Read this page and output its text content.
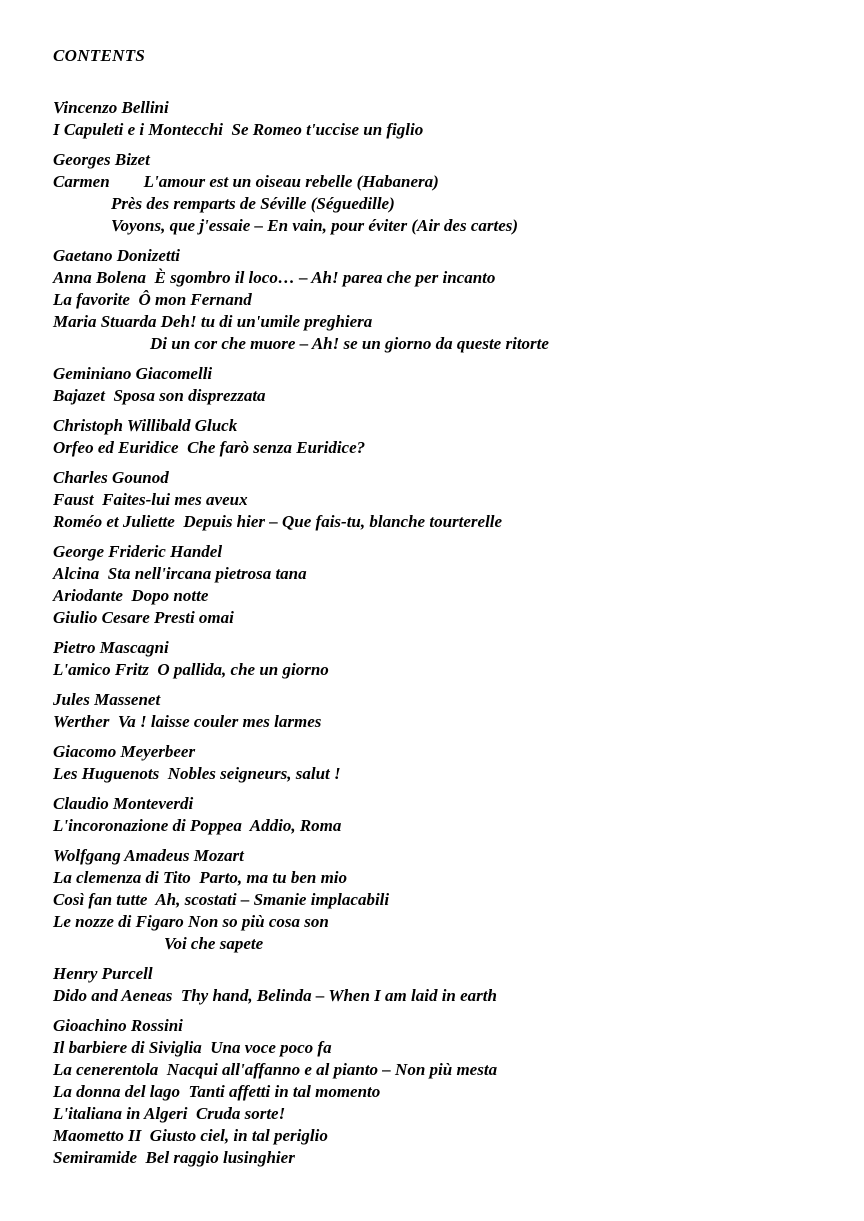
CONTENTS
Vincenzo Bellini
I Capuleti e i Montecchi  Se Romeo t'uccise un figlio
Georges Bizet
Carmen        L'amour est un oiseau rebelle (Habanera)
Près des remparts de Séville (Séguedille)
Voyons, que j'essaie – En vain, pour éviter (Air des cartes)
Gaetano Donizetti
Anna Bolena  È sgombro il loco… – Ah! parea che per incanto
La favorite  Ô mon Fernand
Maria Stuarda Deh! tu di un'umile preghiera
Di un cor che muore – Ah! se un giorno da queste ritorte
Geminiano Giacomelli
Bajazet  Sposa son disprezzata
Christoph Willibald Gluck
Orfeo ed Euridice  Che farò senza Euridice?
Charles Gounod
Faust  Faites-lui mes aveux
Roméo et Juliette  Depuis hier – Que fais-tu, blanche tourterelle
George Frideric Handel
Alcina  Sta nell'ircana pietrosa tana
Ariodante  Dopo notte
Giulio Cesare Presti omai
Pietro Mascagni
L'amico Fritz  O pallida, che un giorno
Jules Massenet
Werther  Va ! laisse couler mes larmes
Giacomo Meyerbeer
Les Huguenots  Nobles seigneurs, salut !
Claudio Monteverdi
L'incoronazione di Poppea  Addio, Roma
Wolfgang Amadeus Mozart
La clemenza di Tito  Parto, ma tu ben mio
Così fan tutte  Ah, scostati – Smanie implacabili
Le nozze di Figaro Non so più cosa son
Voi che sapete
Henry Purcell
Dido and Aeneas  Thy hand, Belinda – When I am laid in earth
Gioachino Rossini
Il barbiere di Siviglia  Una voce poco fa
La cenerentola  Nacqui all'affanno e al pianto – Non più mesta
La donna del lago  Tanti affetti in tal momento
L'italiana in Algeri  Cruda sorte!
Maometto II  Giusto ciel, in tal periglio
Semiramide  Bel raggio lusinghier
